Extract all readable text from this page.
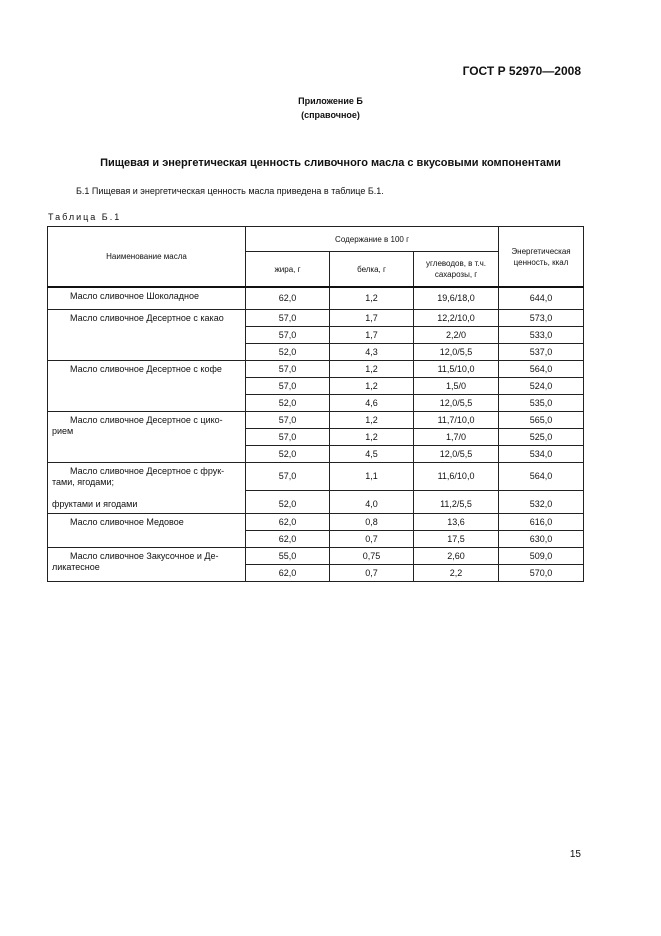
ГОСТ Р 52970—2008
Приложение Б
(справочное)
Пищевая и энергетическая ценность сливочного масла с вкусовыми компонентами
Б.1 Пищевая и энергетическая ценность масла приведена в таблице Б.1.
Таблица Б.1
Наименование масла	Содержание в 100 г			Энергетическая ценность, ккал
	жира, г	белка, г	углеводов, в т.ч. сахарозы, г	
Масло сливочное Шоколадное	62,0	1,2	19,6/18,0	644,0
Масло сливочное Десертное с какао	57,0	1,7	12,2/10,0	573,0
	57,0	1,7	2,2/0	533,0
	52,0	4,3	12,0/5,5	537,0
Масло сливочное Десертное с кофе	57,0	1,2	11,5/10,0	564,0
	57,0	1,2	1,5/0	524,0
	52,0	4,6	12,0/5,5	535,0
Масло сливочное Десертное с цико-
рием	57,0	1,2	11,7/10,0	565,0
	57,0	1,2	1,7/0	525,0
	52,0	4,5	12,0/5,5	534,0
Масло сливочное Десертное с фрук-
тами, ягодами;	57,0	1,1	11,6/10,0	564,0

фруктами и ягодами	52,0	4,0	11,2/5,5	532,0
Масло сливочное Медовое	62,0	0,8	13,6	616,0
	62,0	0,7	17,5	630,0
Масло сливочное Закусочное и Де-
ликатесное	55,0	0,75	2,60	509,0
	62,0	0,7	2,2	570,0
15
